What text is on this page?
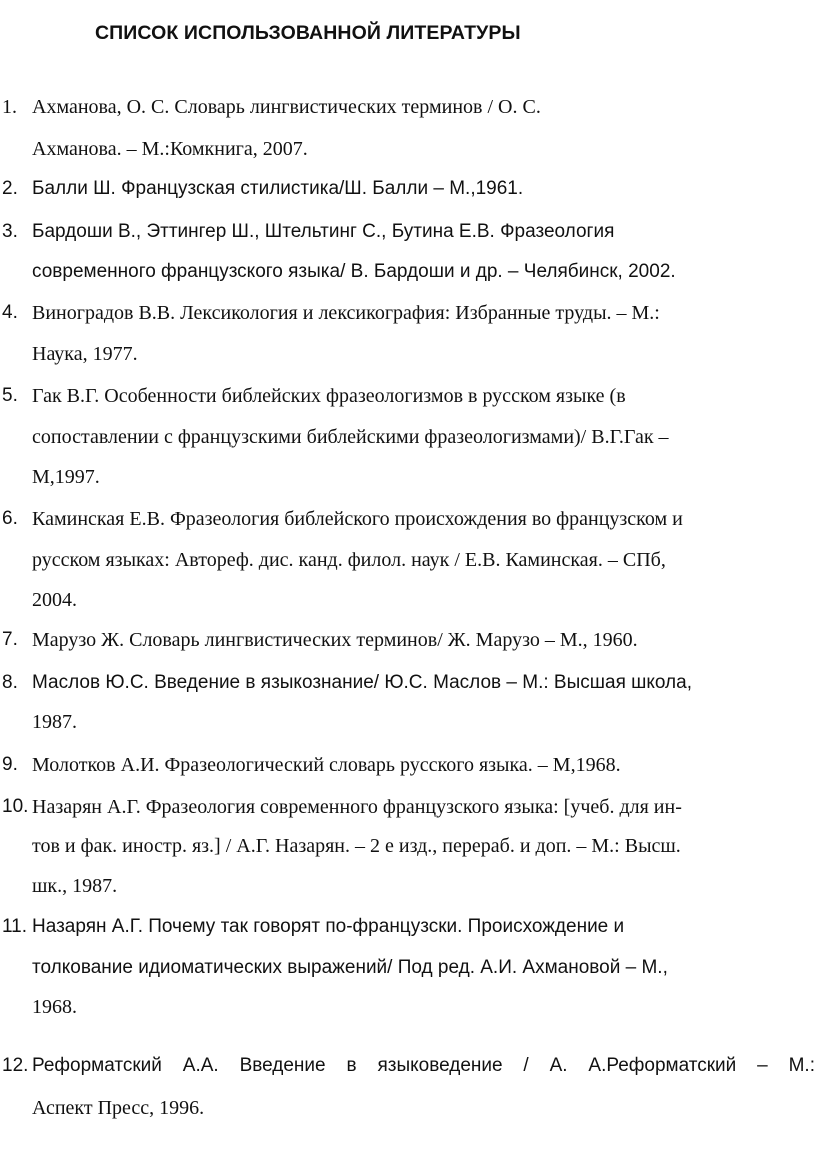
СПИСОК ИСПОЛЬЗОВАННОЙ ЛИТЕРАТУРЫ
1. Ахманова, О. С. Словарь лингвистических терминов / О. С.
Ахманова. – М.:Комкнига, 2007.
2. Балли Ш. Французская стилистика/Ш. Балли – М.,1961.
3. Бардоши В., Эттингер Ш., Штельтинг С., Бутина Е.В. Фразеология
современного французского языка/ В. Бардоши и др. – Челябинск, 2002.
4. Виноградов В.В. Лексикология и лексикография: Избранные труды. – М.:
Наука, 1977.
5. Гак В.Г. Особенности библейских фразеологизмов в русском языке (в
сопоставлении с французскими библейскими фразеологизмами)/ В.Г.Гак –
М,1997.
6. Каминская Е.В. Фразеология библейского происхождения во французском и
русском языках: Автореф. дис. канд. филол. наук / Е.В. Каминская. – СПб,
2004.
7. Марузо Ж. Словарь лингвистических терминов/ Ж. Марузо – М., 1960.
8. Маслов Ю.С. Введение в языкознание/ Ю.С. Маслов – М.: Высшая школа,
1987.
9. Молотков А.И. Фразеологический словарь русского языка. – М,1968.
10. Назарян А.Г. Фразеология современного французского языка: [учеб. для ин-
тов и фак. иностр. яз.] / А.Г. Назарян. – 2 е изд., перераб. и доп. – М.: Высш.
шк., 1987.
11. Назарян А.Г. Почему так говорят по-французски. Происхождение и
толкование идиоматических выражений/ Под ред. А.И. Ахмановой – М.,
1968.
12. Реформатский А.А. Введение в языковедение / А. А.Реформатский – М.:
Аспект Пресс, 1996.
